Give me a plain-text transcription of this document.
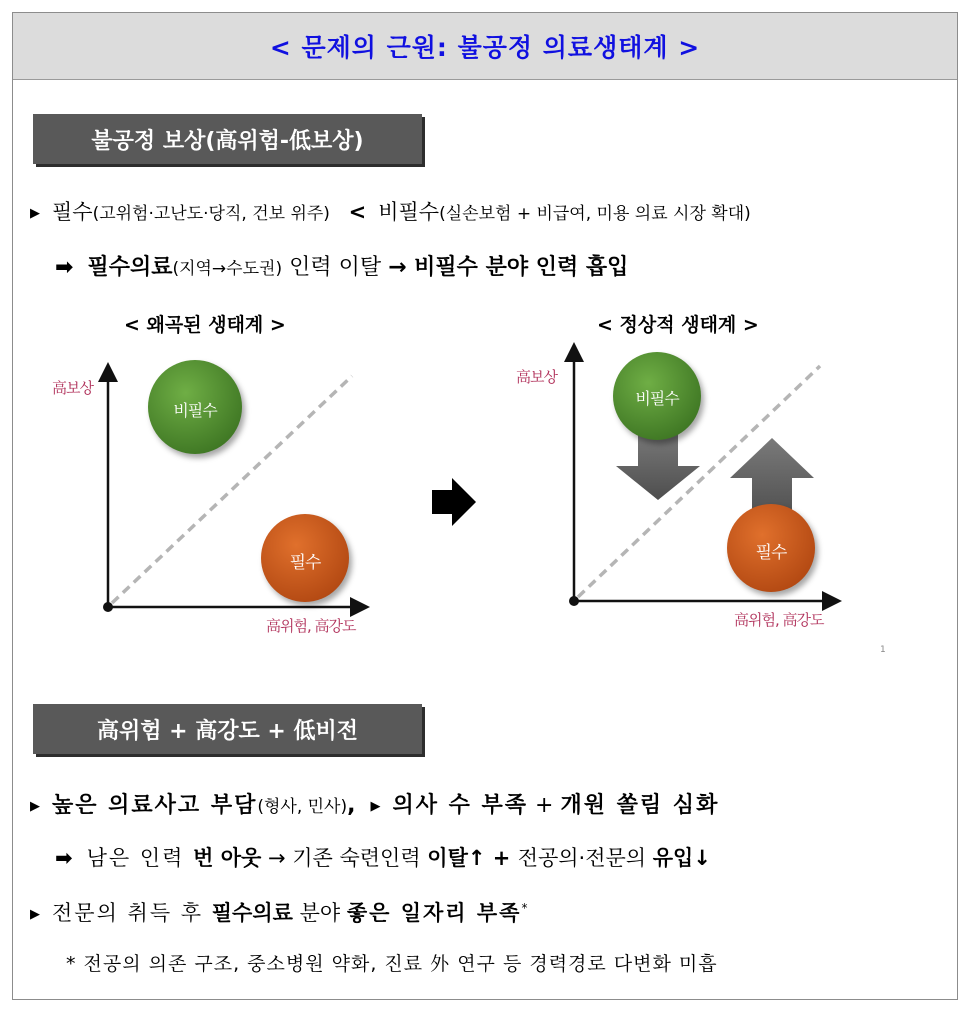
< 문제의 근원: 불공정 의료생태계 >
불공정 보상(高위험-低보상)
▶ 필수(고위험·고난도·당직, 건보 위주) < 비필수(실손보험 + 비급여, 미용 의료 시장 확대)
➡ 필수의료(지역→수도권) 인력 이탈 → 비필수 분야 인력 흡입
< 왜곡된 생태계 >	< 정상적 생태계 >
高보상
高위험, 高강도
비필수
필수
高보상
高위험, 高강도
비필수
필수
1
高위험 + 高강도 + 低비전
▶ 높은 의료사고 부담(형사, 민사), ▶ 의사 수 부족 + 개원 쏠림 심화
➡ 남은 인력 번 아웃 → 기존 숙련인력 이탈↑ + 전공의·전문의 유입↓
▶ 전문의 취득 후 필수의료 분야 좋은 일자리 부족*
* 전공의 의존 구조, 중소병원 약화, 진료 外 연구 등 경력경로 다변화 미흡
